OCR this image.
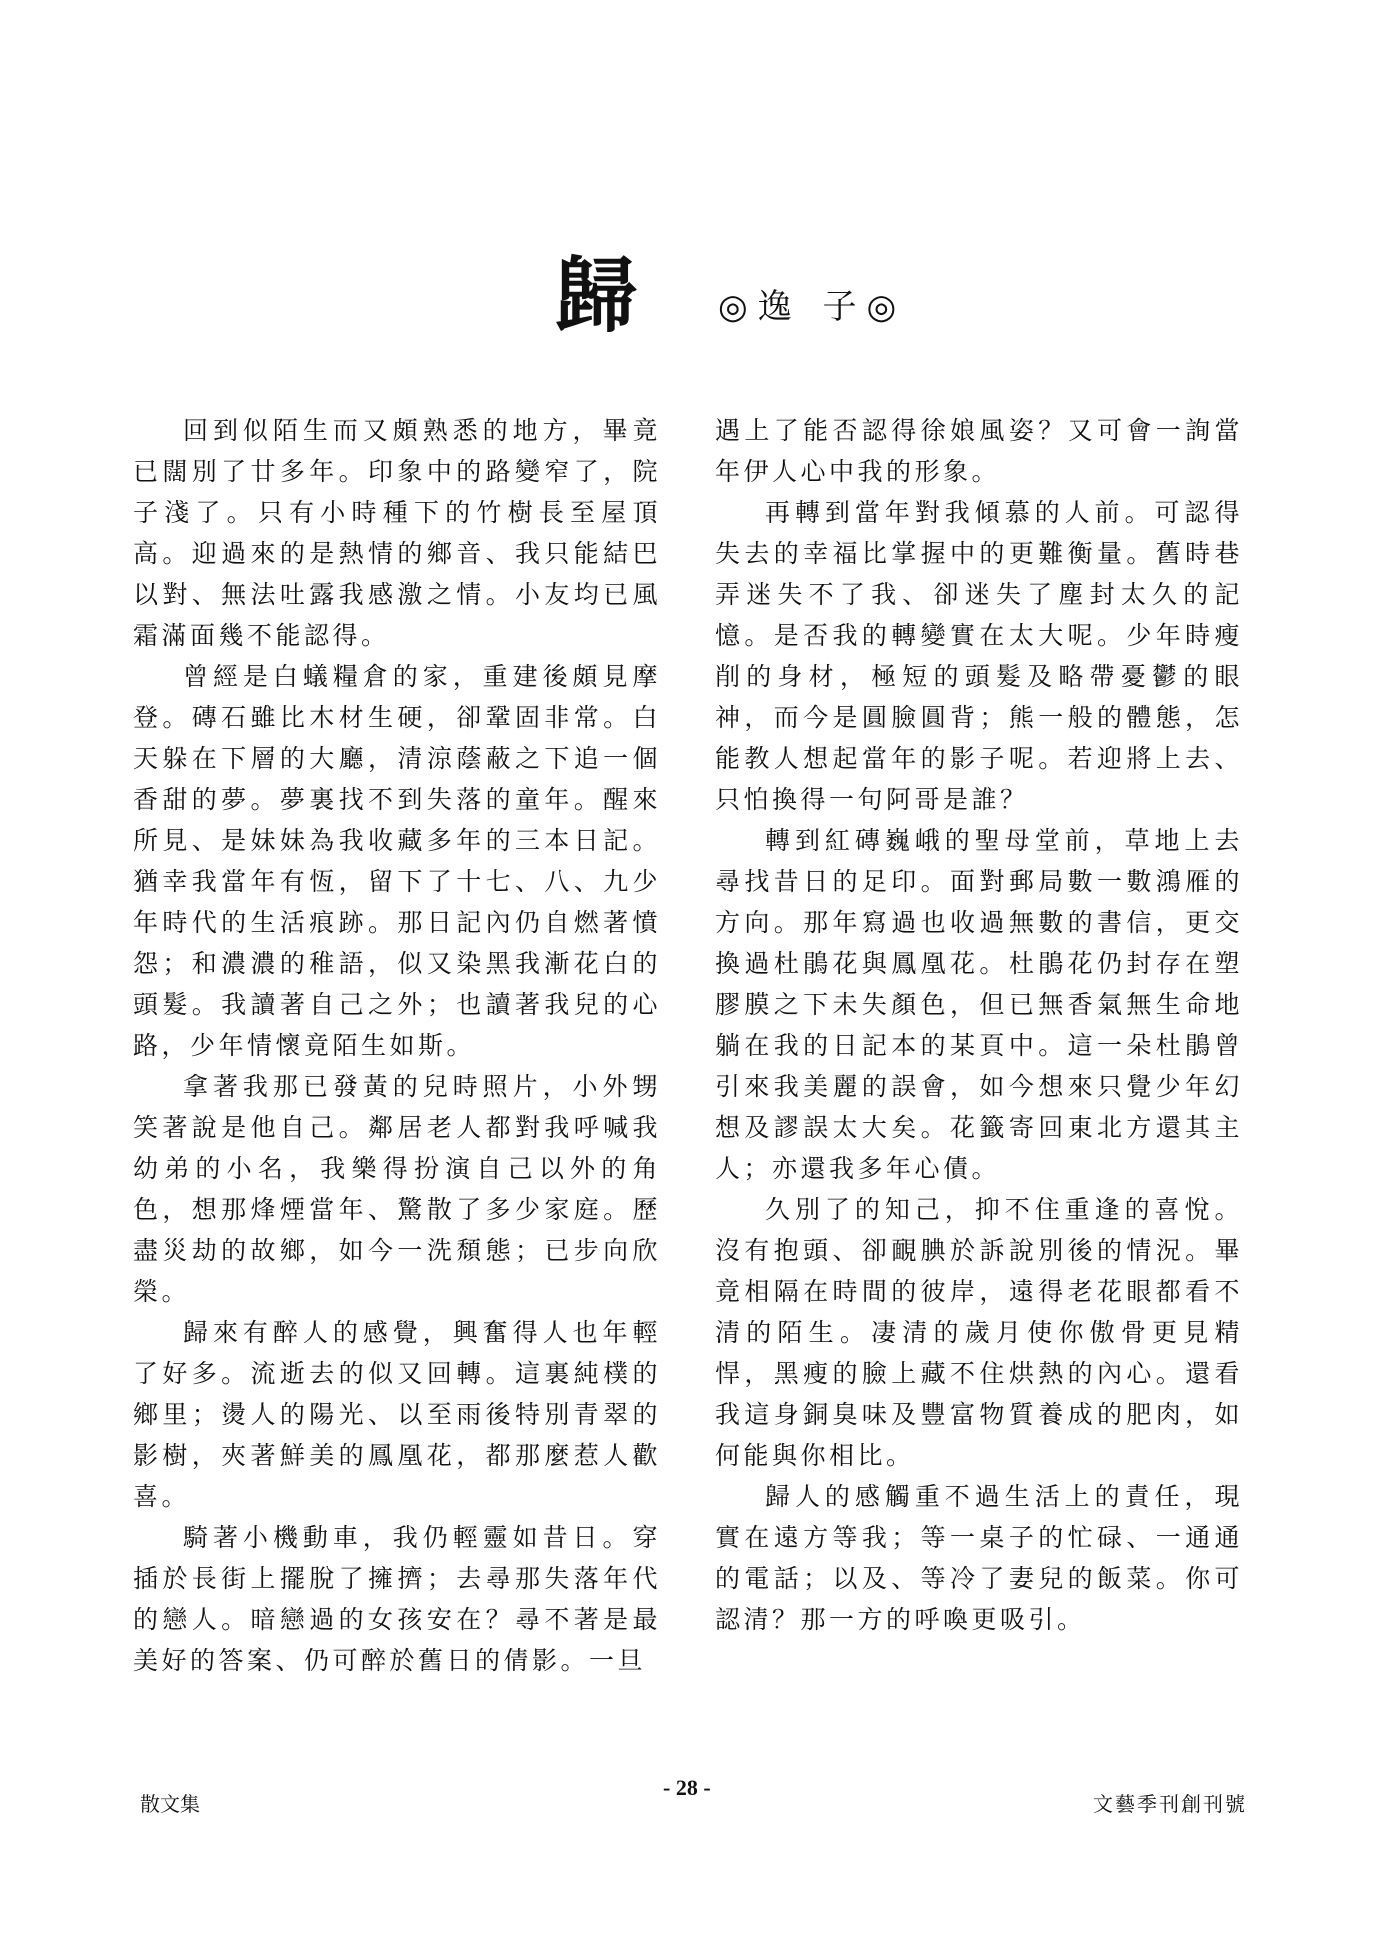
歸 ◎逸 子◎

回到似陌生而又頗熟悉的地方，畢竟已闊別了廿多年。印象中的路變窄了，院子淺了。只有小時種下的竹樹長至屋頂高。迎過來的是熱情的鄉音、我只能結巴以對、無法吐露我感激之情。小友均已風霜滿面幾不能認得。

曾經是白蟻糧倉的家，重建後頗見摩登。磚石雖比木材生硬，卻鞏固非常。白天躲在下層的大廳，清涼蔭蔽之下追一個香甜的夢。夢裏找不到失落的童年。醒來所見、是妹妹為我收藏多年的三本日記。猶幸我當年有恆，留下了十七、八、九少年時代的生活痕跡。那日記內仍自燃著憤怨；和濃濃的稚語，似又染黑我漸花白的頭髮。我讀著自己之外；也讀著我兒的心路，少年情懷竟陌生如斯。

拿著我那已發黃的兒時照片，小外甥笑著說是他自己。鄰居老人都對我呼喊我幼弟的小名，我樂得扮演自己以外的角色，想那烽煙當年、驚散了多少家庭。歷盡災劫的故鄉，如今一洗頹態；已步向欣榮。

歸來有醉人的感覺，興奮得人也年輕了好多。流逝去的似又回轉。這裏純樸的鄉里；燙人的陽光、以至雨後特別青翠的影樹，夾著鮮美的鳳凰花，都那麼惹人歡喜。

騎著小機動車，我仍輕靈如昔日。穿插於長街上擺脫了擁擠；去尋那失落年代的戀人。暗戀過的女孩安在？尋不著是最美好的答案、仍可醉於舊日的倩影。一旦

遇上了能否認得徐娘風姿？又可會一詢當年伊人心中我的形象。

再轉到當年對我傾慕的人前。可認得失去的幸福比掌握中的更難衡量。舊時巷弄迷失不了我、卻迷失了塵封太久的記憶。是否我的轉變實在太大呢。少年時瘦削的身材，極短的頭髮及略帶憂鬱的眼神，而今是圓臉圓背；熊一般的體態，怎能教人想起當年的影子呢。若迎將上去、只怕換得一句阿哥是誰？

轉到紅磚巍峨的聖母堂前，草地上去尋找昔日的足印。面對郵局數一數鴻雁的方向。那年寫過也收過無數的書信，更交換過杜鵑花與鳳凰花。杜鵑花仍封存在塑膠膜之下未失顏色，但已無香氣無生命地躺在我的日記本的某頁中。這一朵杜鵑曾引來我美麗的誤會，如今想來只覺少年幻想及謬誤太大矣。花籤寄回東北方還其主人；亦還我多年心債。

久別了的知己，抑不住重逢的喜悅。沒有抱頭、卻靦腆於訴說別後的情況。畢竟相隔在時間的彼岸，遠得老花眼都看不清的陌生。凄清的歲月使你傲骨更見精悍，黑瘦的臉上藏不住烘熱的內心。還看我這身銅臭味及豐富物質養成的肥肉，如何能與你相比。

歸人的感觸重不過生活上的責任，現實在遠方等我；等一桌子的忙碌、一通通的電話；以及、等冷了妻兒的飯菜。你可認清？那一方的呼喚更吸引。

散文集
- 28 -
文藝季刊創刊號
